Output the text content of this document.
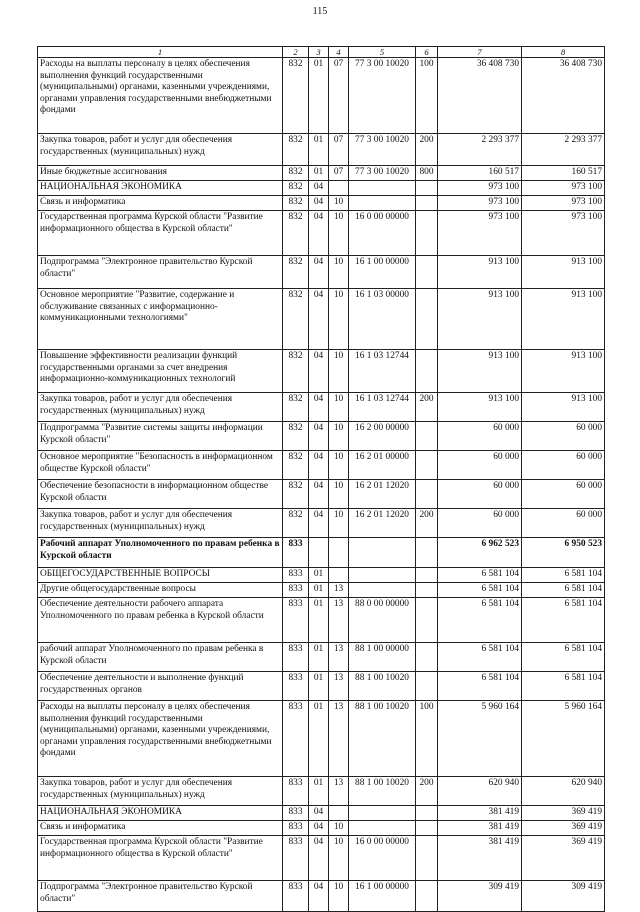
115
1	2	3	4	5	6	7	8
Расходы на выплаты персоналу в целях обеспечения выполнения функций государственными (муниципальными) органами, казенными учреждениями, органами управления государственными внебюджетными фондами	832	01	07	77 3 00 10020	100	36 408 730	36 408 730
Закупка товаров, работ и услуг для обеспечения государственных (муниципальных) нужд	832	01	07	77 3 00 10020	200	2 293 377	2 293 377
Иные бюджетные ассигнования	832	01	07	77 3 00 10020	800	160 517	160 517
НАЦИОНАЛЬНАЯ ЭКОНОМИКА	832	04				973 100	973 100
Связь и информатика	832	04	10			973 100	973 100
Государственная программа Курской области "Развитие информационного общества в Курской области"	832	04	10	16 0 00 00000		973 100	973 100
Подпрограмма "Электронное правительство Курской области"	832	04	10	16 1 00 00000		913 100	913 100
Основное мероприятие "Развитие, содержание и обслуживание связанных с информационно-коммуникационными технологиями"	832	04	10	16 1 03 00000		913 100	913 100
Повышение эффективности реализации функций государственными органами за счет внедрения информационно-коммуникационных технологий	832	04	10	16 1 03 12744		913 100	913 100
Закупка товаров, работ и услуг для обеспечения государственных (муниципальных) нужд	832	04	10	16 1 03 12744	200	913 100	913 100
Подпрограмма "Развитие системы защиты информации Курской области"	832	04	10	16 2 00 00000		60 000	60 000
Основное мероприятие "Безопасность в информационном обществе Курской области"	832	04	10	16 2 01 00000		60 000	60 000
Обеспечение безопасности в информационном обществе Курской области	832	04	10	16 2 01 12020		60 000	60 000
Закупка товаров, работ и услуг для обеспечения государственных (муниципальных) нужд	832	04	10	16 2 01 12020	200	60 000	60 000
Рабочий аппарат Уполномоченного по правам ребенка в Курской области	833					6 962 523	6 950 523
ОБЩЕГОСУДАРСТВЕННЫЕ ВОПРОСЫ	833	01				6 581 104	6 581 104
Другие общегосударственные вопросы	833	01	13			6 581 104	6 581 104
Обеспечение деятельности рабочего аппарата Уполномоченного по правам ребенка в Курской области	833	01	13	88 0 00 00000		6 581 104	6 581 104
рабочий аппарат Уполномоченного по правам ребенка в Курской области	833	01	13	88 1 00 00000		6 581 104	6 581 104
Обеспечение деятельности и выполнение функций государственных органов	833	01	13	88 1 00 10020		6 581 104	6 581 104
Расходы на выплаты персоналу в целях обеспечения выполнения функций государственными (муниципальными) органами, казенными учреждениями, органами управления государственными внебюджетными фондами	833	01	13	88 1 00 10020	100	5 960 164	5 960 164
Закупка товаров, работ и услуг для обеспечения государственных (муниципальных) нужд	833	01	13	88 1 00 10020	200	620 940	620 940
НАЦИОНАЛЬНАЯ ЭКОНОМИКА	833	04				381 419	369 419
Связь и информатика	833	04	10			381 419	369 419
Государственная программа Курской области "Развитие информационного общества в Курской области"	833	04	10	16 0 00 00000		381 419	369 419
Подпрограмма "Электронное правительство Курской области"	833	04	10	16 1 00 00000		309 419	309 419
